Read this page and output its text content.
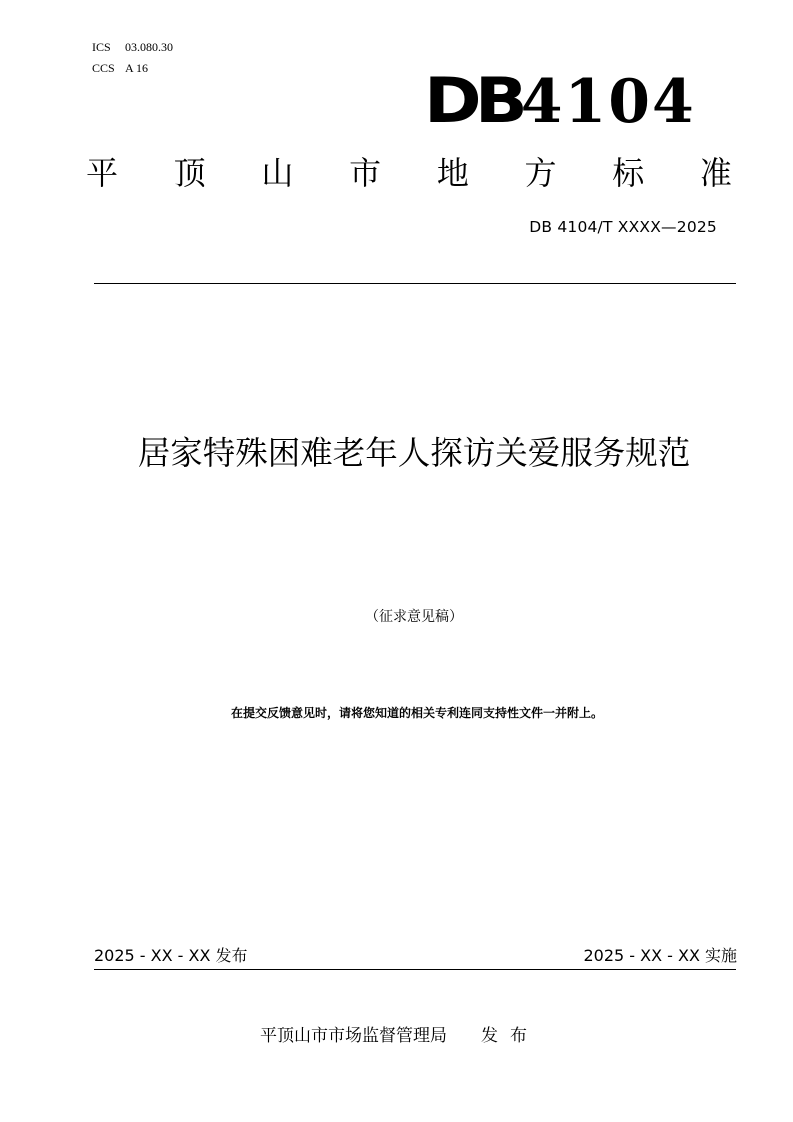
ICS 03.080.30
CCS A 16	DB4104
平 顶 山 市 地 方 标 准
DB 4104/T XXXX—2025
居家特殊困难老年人探访关爱服务规范
（征求意见稿）
在提交反馈意见时，请将您知道的相关专利连同支持性文件一并附上。
2025 - XX - XX 发布	2025 - XX - XX 实施
平顶山市市场监督管理局 发布
